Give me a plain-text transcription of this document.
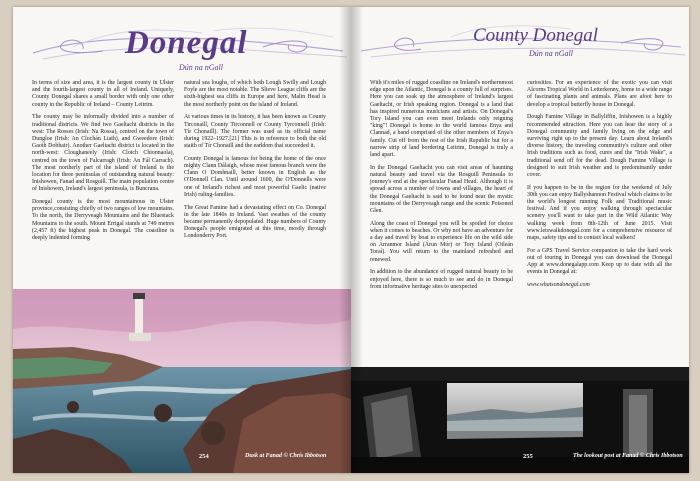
Donegal
Dún na nGall

In terms of size and area, it is the largest county in Ulster and the fourth-largest county in all of Ireland. Uniquely, County Donegal shares a small border with only one other county in the Republic of Ireland – County Leitrim.

The county may be informally divided into a number of traditional districts. We find two Gaeltacht districts in the west: The Rosses (Irish: Na Rossa), centred on the town of Dungloe (Irish: An Clochán Liath), and Gweedore (Irish: Gaoth Dobhair). Another Gaeltacht district is located in the north-west: Cloughaneely (Irish: Cloich Chionnaola), centred on the town of Falcarragh (Irish: An Fál Carrach). The most northerly part of the island of Ireland is the location for three peninsulas of outstanding natural beauty: Inishowen, Fanad and Rosguill. The main population centre of Inishowen, Ireland's largest peninsula, is Buncrana.

Donegal county is the most mountainous in Ulster province,consisting chiefly of two ranges of low mountains. To the north, the Derryveagh Mountains and the Bluestack Mountains to the south. Mount Errigal stands at 749 metres (2,457 ft) the highest peak in Donegal. The coastline is deeply indented forming

natural sea loughs, of which both Lough Swilly and Lough Foyle are the most notable. The Slieve League cliffs are the sixth-highest sea cliffs in Europe and here, Malin Head is the most northerly point on the island of Ireland.

At various times in its history, it has been known as County Tirconaill, County Tirconnell or County Tyrconnell (Irish: Tír Chonaill). The former was used as its official name during 1922–1927.[21] This is in reference to both the old staith of Tír Chonaill and the earldom that succeeded it.

County Donegal is famous for being the home of the once mighty Clann Dálaigh, whose most famous branch were the Clann O Domhnaill, better known in English as the O'Donnell Clan. Until around 1600, the O'Donnells were one of Ireland's richest and most powerful Gaelic (native Irish) ruling-families.

The Great Famine had a devastating effect on Co. Donegal in the late 1840s in Ireland. Vast swathes of the county became permanently depopulated. Huge numbers of County Donegal's people emigrated at this time, mostly through Londonderry Port.

254	Dusk at Fanad © Chris Ibbotson
County Donegal
Dún na nGall

With it's miles of rugged coastline on Ireland's northernmost edge upon the Atlantic, Donegal is a county full of surprises. Here you can soak up the atmosphere of Ireland's largest Gaeltacht, or Irish speaking region. Donegal is a land that has inspired numerous musicians and artists. On Donegal's Tory Island you can even meet Irelands only reigning "king"! Donegal is home to the world famous Enya and Clannad, a band comprised of the other members of Enya's family. Cut off from the rest of the Irish Republic but for a narrow strip of land bordering Leitrim, Donegal is truly a land apart.

In the Donegal Gaeltacht you can visit areas of haunting natural beauty and travel via the Rosguill Peninsula to journey's end at the spectacular Fanad Head. Although it is spread across a number of towns and villages, the heart of the Donegal Gaeltacht is said to be found near the mystic mountains of the Derryveagh range and the scenic Poisoned Glen.

Along the coast of Donegal you will be spoiled for choice when it comes to beaches. Or why not have an adventure for a day and travel by boat to experience life on the wild side on Arranmor Island (Árun Mór) or Tory Island (Oileán Toraí). You will return to the mainland refreshed and renewed.

In addition to the abundance of rugged natural beauty to be enjoyed here, there is so much to see and do in Donegal from informative heritage sites to unexpected

curiosities. For an experience of the exotic you can visit Alcorns Tropical World in Letterkenny, home to a wide range of fascinating plants and animals. Plans are afoot here to develop a tropical butterfly house in Donegal.

Dough Famine Village in Ballyliffin, Inishowen is a highly recommended attraction. Here you can hear the story of a Donegal community and family living on the edge and surviving right up to the present day. Learn about Ireland's diverse history, the traveling community's culture and other Irish traditions such as food, cures and the "Irish Wake", a traditional send off for the dead. Dough Famine Village is designed to suit Irish weather and is predominantly under cover.

If you happen to be in the region for the weekend of July 30th you can enjoy Ballyshannon Festival which claims to be the world's longest running Folk and Traditional music festival. And if you enjoy walking through spectacular scenery you'll want to take part in the Wild Atlantic Way walking week from 8th-12th of June 2015. Visit www.letswalkdonegal.com for a comprehensive resource of maps, safety tips and to contact local walkers!

For a GPS Travel Service companion to take the hard work out of touring in Donegal you can download the Donegal App at www.donegalapp.com Keep up to date with all the events in Donegal at:

www.whatsondonegal.com

255	The lookout post at Fanad © Chris Ibbotson
